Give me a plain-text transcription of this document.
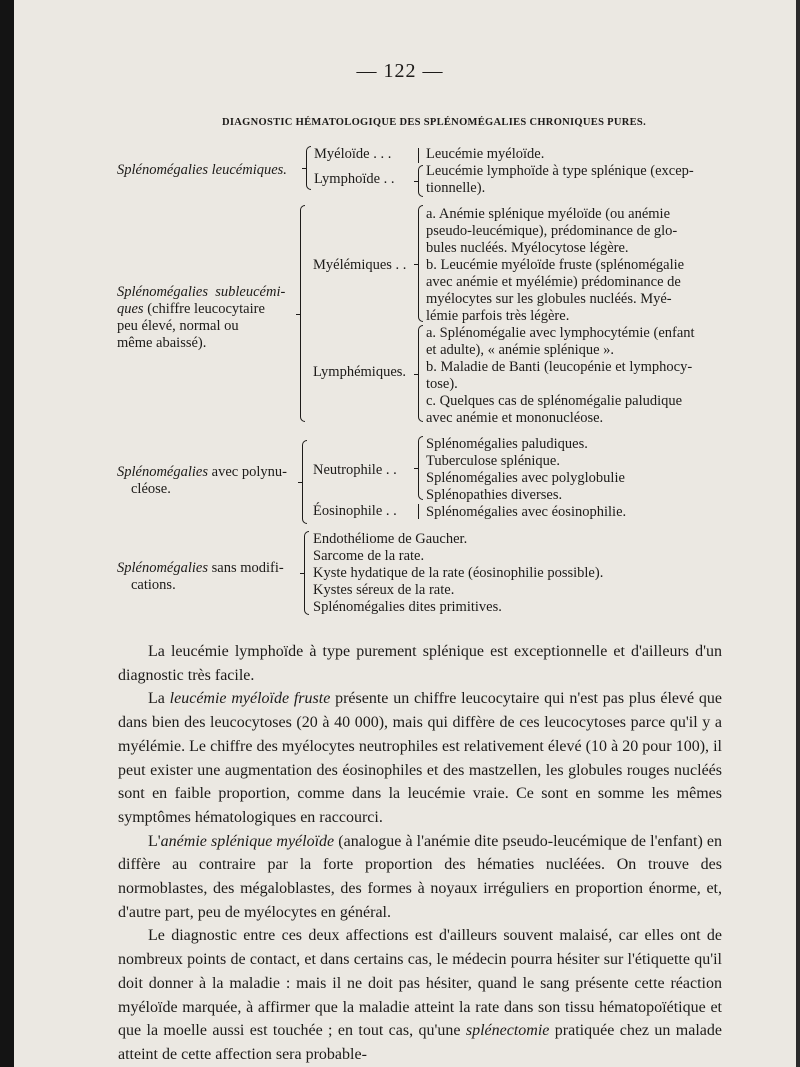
— 122 —
DIAGNOSTIC HÉMATOLOGIQUE DES SPLÉNOMÉGALIES CHRONIQUES PURES.
Splénomégalies leucémiques.
Myéloïde . . .
Lymphoïde . .
Leucémie myéloïde.
Leucémie lymphoïde à type splénique (excep-
tionnelle).
Splénomégalies subleucémi-
ques (chiffre leucocytaire
peu élevé, normal ou
même abaissé).
Myélémiques . .
Lymphémiques.
a. Anémie splénique myéloïde (ou anémie
pseudo-leucémique), prédominance de glo-
bules nucléés. Myélocytose légère.
b. Leucémie myéloïde fruste (splénomégalie
avec anémie et myélémie) prédominance de
myélocytes sur les globules nucléés. Myé-
lémie parfois très légère.
a. Splénomégalie avec lymphocytémie (enfant
et adulte), « anémie splénique ».
b. Maladie de Banti (leucopénie et lymphocy-
tose).
c. Quelques cas de splénomégalie paludique
avec anémie et mononucléose.
Splénomégalies avec polynu-
cléose.
Neutrophile . .
Éosinophile . .
Splénomégalies paludiques.
Tuberculose splénique.
Splénomégalies avec polyglobulie
Splénopathies diverses.
Splénomégalies avec éosinophilie.
Splénomégalies sans modifi-
cations.
Endothéliome de Gaucher.
Sarcome de la rate.
Kyste hydatique de la rate (éosinophilie possible).
Kystes séreux de la rate.
Splénomégalies dites primitives.

La leucémie lymphoïde à type purement splénique est exceptionnelle et d'ailleurs d'un diagnostic très facile.

La leucémie myéloïde fruste présente un chiffre leucocytaire qui n'est pas plus élevé que dans bien des leucocytoses (20 à 40 000), mais qui diffère de ces leucocytoses parce qu'il y a myélémie. Le chiffre des myélocytes neutrophiles est relativement élevé (10 à 20 pour 100), il peut exister une augmentation des éosinophiles et des mastzellen, les globules rouges nucléés sont en faible proportion, comme dans la leucémie vraie. Ce sont en somme les mêmes symptômes hématologiques en raccourci.

L'anémie splénique myéloïde (analogue à l'anémie dite pseudo-leucémique de l'enfant) en diffère au contraire par la forte proportion des hématies nucléées. On trouve des normoblastes, des mégaloblastes, des formes à noyaux irréguliers en proportion énorme, et, d'autre part, peu de myélocytes en général.

Le diagnostic entre ces deux affections est d'ailleurs souvent malaisé, car elles ont de nombreux points de contact, et dans certains cas, le médecin pourra hésiter sur l'étiquette qu'il doit donner à la maladie : mais il ne doit pas hésiter, quand le sang présente cette réaction myéloïde marquée, à affirmer que la maladie atteint la rate dans son tissu hématopoïétique et que la moelle aussi est touchée ; en tout cas, qu'une splénectomie pratiquée chez un malade atteint de cette affection sera probable-
